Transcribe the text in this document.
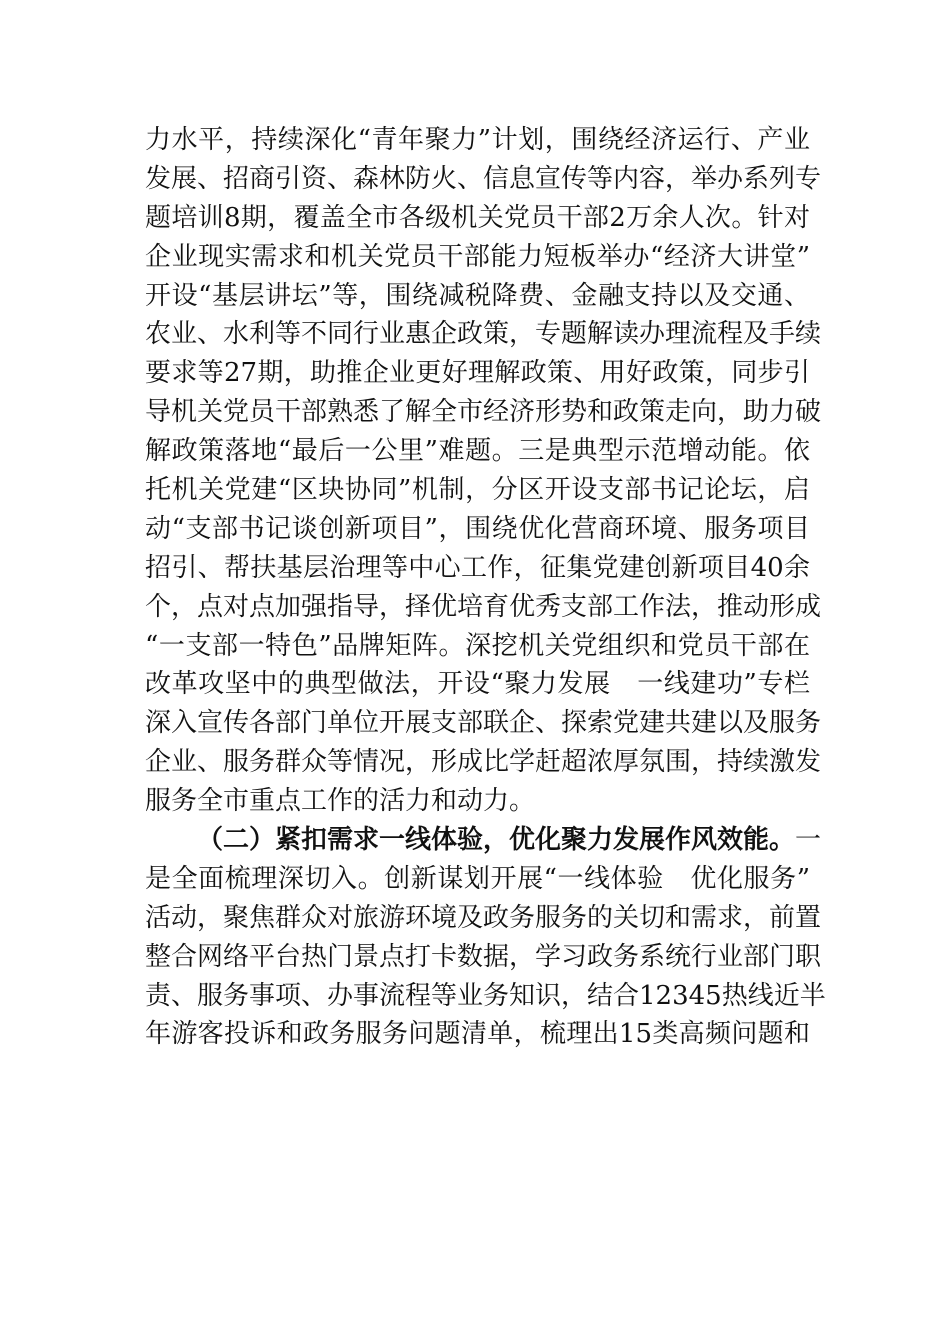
力水平，持续深化“青年聚力”计划，围绕经济运行、产业
发展、招商引资、森林防火、信息宣传等内容，举办系列专
题培训8期，覆盖全市各级机关党员干部2万余人次。针对
企业现实需求和机关党员干部能力短板举办“经济大讲堂”
开设“基层讲坛”等，围绕减税降费、金融支持以及交通、
农业、水利等不同行业惠企政策，专题解读办理流程及手续
要求等27期，助推企业更好理解政策、用好政策，同步引
导机关党员干部熟悉了解全市经济形势和政策走向，助力破
解政策落地“最后一公里”难题。三是典型示范增动能。依
托机关党建“区块协同”机制，分区开设支部书记论坛，启
动“支部书记谈创新项目”，围绕优化营商环境、服务项目
招引、帮扶基层治理等中心工作，征集党建创新项目40余
个，点对点加强指导，择优培育优秀支部工作法，推动形成
“一支部一特色”品牌矩阵。深挖机关党组织和党员干部在
改革攻坚中的典型做法，开设“聚力发展　一线建功”专栏
深入宣传各部门单位开展支部联企、探索党建共建以及服务
企业、服务群众等情况，形成比学赶超浓厚氛围，持续激发
服务全市重点工作的活力和动力。
（二）紧扣需求一线体验，优化聚力发展作风效能。一
是全面梳理深切入。创新谋划开展“一线体验　优化服务”
活动，聚焦群众对旅游环境及政务服务的关切和需求，前置
整合网络平台热门景点打卡数据，学习政务系统行业部门职
责、服务事项、办事流程等业务知识，结合12345热线近半
年游客投诉和政务服务问题清单，梳理出15类高频问题和
